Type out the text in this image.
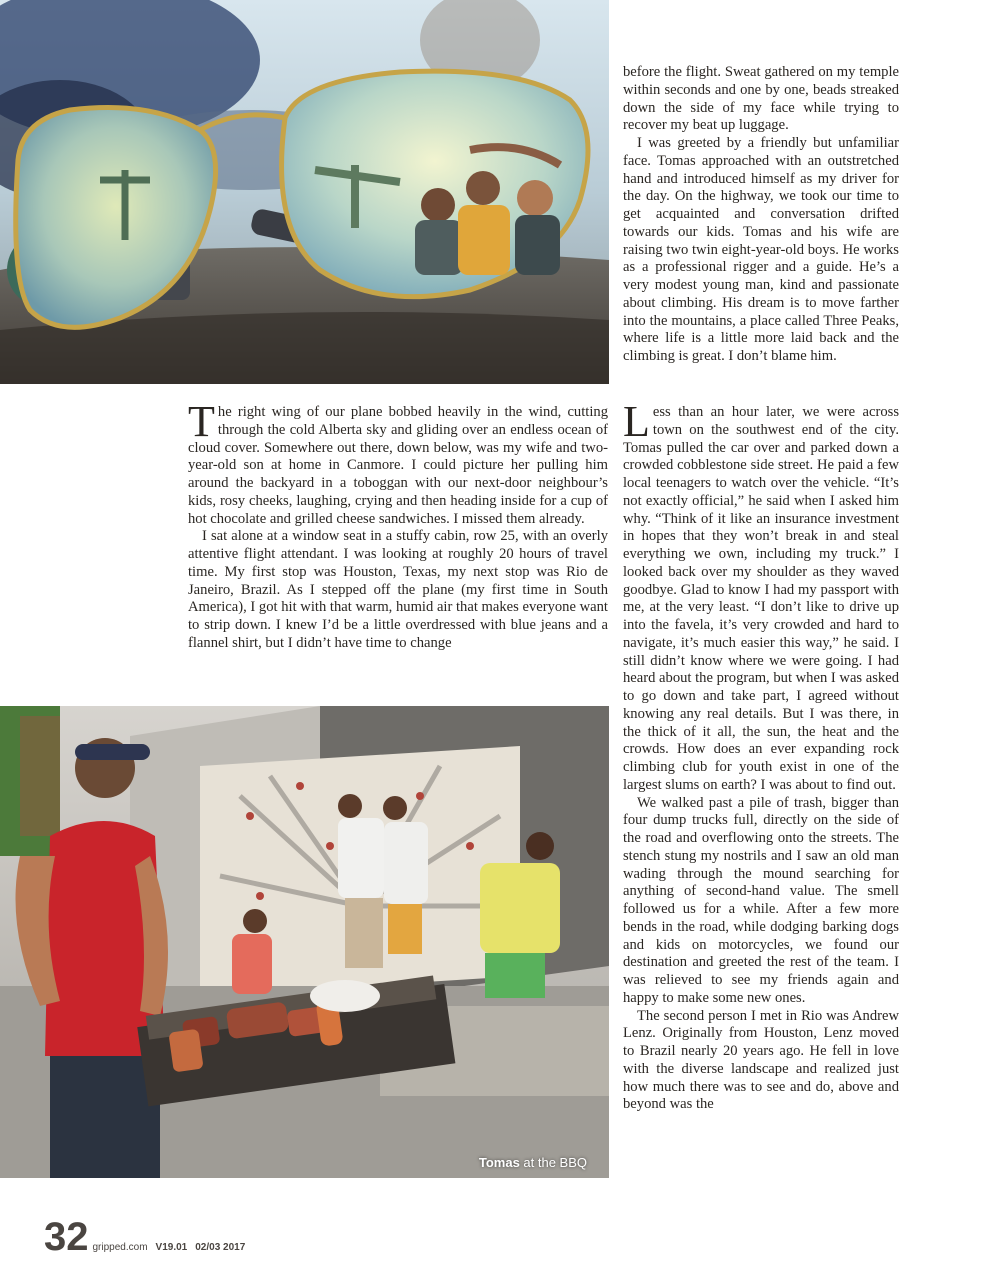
Tomas at the BBQ

before the flight. Sweat gathered on my temple within seconds and one by one, beads streaked down the side of my face while trying to recover my beat up luggage.

I was greeted by a friendly but unfamiliar face. Tomas approached with an outstretched hand and introduced himself as my driver for the day. On the highway, we took our time to get acquainted and conversation drifted towards our kids. Tomas and his wife are raising two twin eight-year-old boys. He works as a professional rigger and a guide. He’s a very modest young man, kind and passionate about climbing. His dream is to move farther into the mountains, a place called Three Peaks, where life is a little more laid back and the climbing is great. I don’t blame him.

The right wing of our plane bobbed heavily in the wind, cutting through the cold Alberta sky and gliding over an endless ocean of cloud cover. Somewhere out there, down below, was my wife and two-year-old son at home in Canmore. I could picture her pulling him around the backyard in a toboggan with our next-door neighbour’s kids, rosy cheeks, laughing, crying and then heading inside for a cup of hot chocolate and grilled cheese sandwiches. I missed them already.

I sat alone at a window seat in a stuffy cabin, row 25, with an overly attentive flight attendant. I was looking at roughly 20 hours of travel time. My first stop was Houston, Texas, my next stop was Rio de Janeiro, Brazil. As I stepped off the plane (my first time in South America), I got hit with that warm, humid air that makes everyone want to strip down. I knew I’d be a little overdressed with blue jeans and a flannel shirt, but I didn’t have time to change

Less than an hour later, we were across town on the southwest end of the city. Tomas pulled the car over and parked down a crowded cobblestone side street. He paid a few local teenagers to watch over the vehicle. “It’s not exactly official,” he said when I asked him why. “Think of it like an insurance investment in hopes that they won’t break in and steal everything we own, including my truck.” I looked back over my shoulder as they waved goodbye. Glad to know I had my passport with me, at the very least. “I don’t like to drive up into the favela, it’s very crowded and hard to navigate, it’s much easier this way,” he said. I still didn’t know where we were going. I had heard about the program, but when I was asked to go down and take part, I agreed without knowing any real details. But I was there, in the thick of it all, the sun, the heat and the crowds. How does an ever expanding rock climbing club for youth exist in one of the largest slums on earth? I was about to find out.

We walked past a pile of trash, bigger than four dump trucks full, directly on the side of the road and overflowing onto the streets. The stench stung my nostrils and I saw an old man wading through the mound searching for anything of second-hand value. The smell followed us for a while. After a few more bends in the road, while dodging barking dogs and kids on motorcycles, we found our destination and greeted the rest of the team. I was relieved to see my friends again and happy to make some new ones.

The second person I met in Rio was Andrew Lenz. Originally from Houston, Lenz moved to Brazil nearly 20 years ago. He fell in love with the diverse landscape and realized just how much there was to see and do, above and beyond was the

32 gripped.com V19.01 02/03 2017
